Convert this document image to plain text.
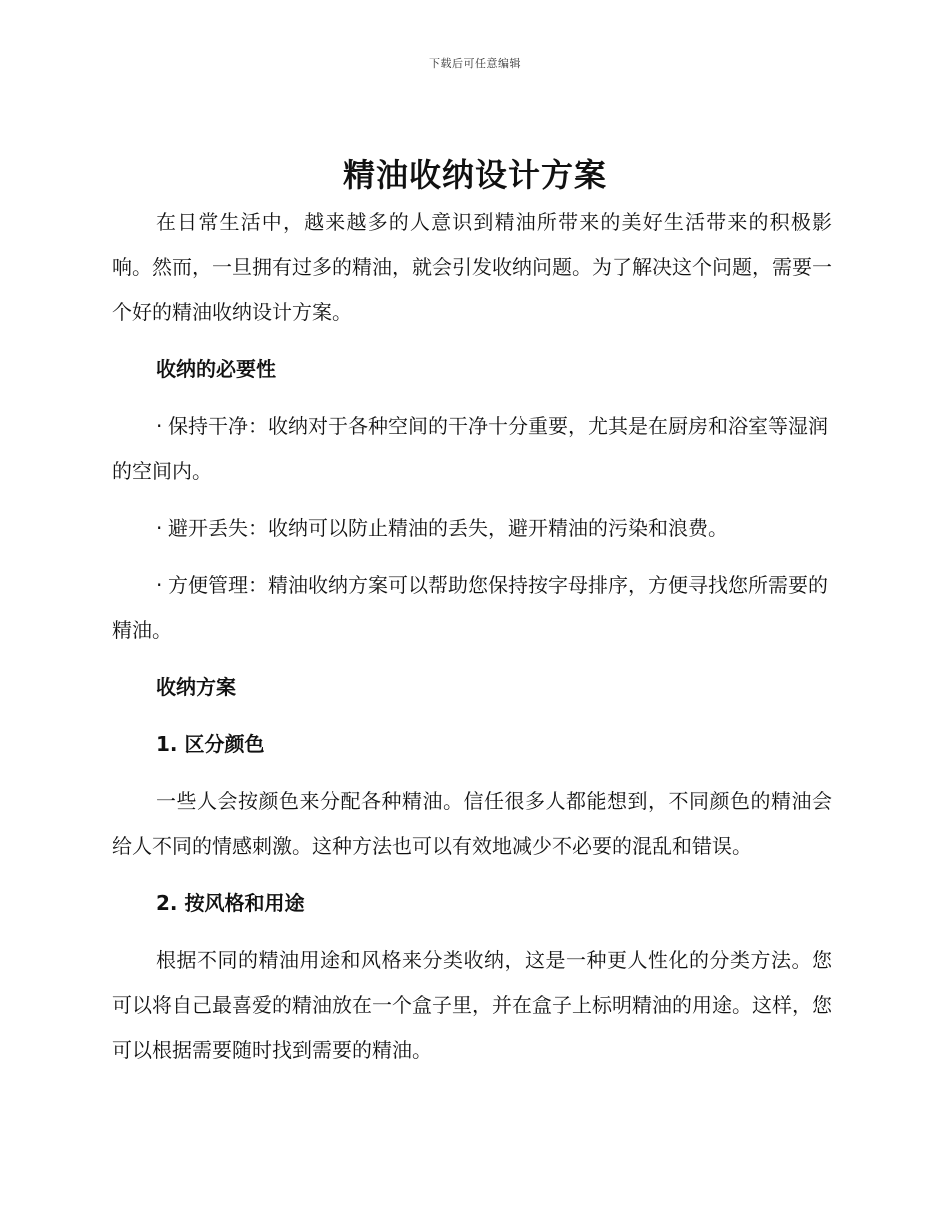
下载后可任意编辑
精油收纳设计方案

在日常生活中，越来越多的人意识到精油所带来的美好生活带来的积极影响。然而，一旦拥有过多的精油，就会引发收纳问题。为了解决这个问题，需要一个好的精油收纳设计方案。

收纳的必要性

· 保持干净：收纳对于各种空间的干净十分重要，尤其是在厨房和浴室等湿润的空间内。

· 避开丢失：收纳可以防止精油的丢失，避开精油的污染和浪费。

· 方便管理：精油收纳方案可以帮助您保持按字母排序，方便寻找您所需要的精油。

收纳方案
1. 区分颜色

一些人会按颜色来分配各种精油。信任很多人都能想到，不同颜色的精油会给人不同的情感刺激。这种方法也可以有效地减少不必要的混乱和错误。

2. 按风格和用途

根据不同的精油用途和风格来分类收纳，这是一种更人性化的分类方法。您可以将自己最喜爱的精油放在一个盒子里，并在盒子上标明精油的用途。这样，您可以根据需要随时找到需要的精油。
